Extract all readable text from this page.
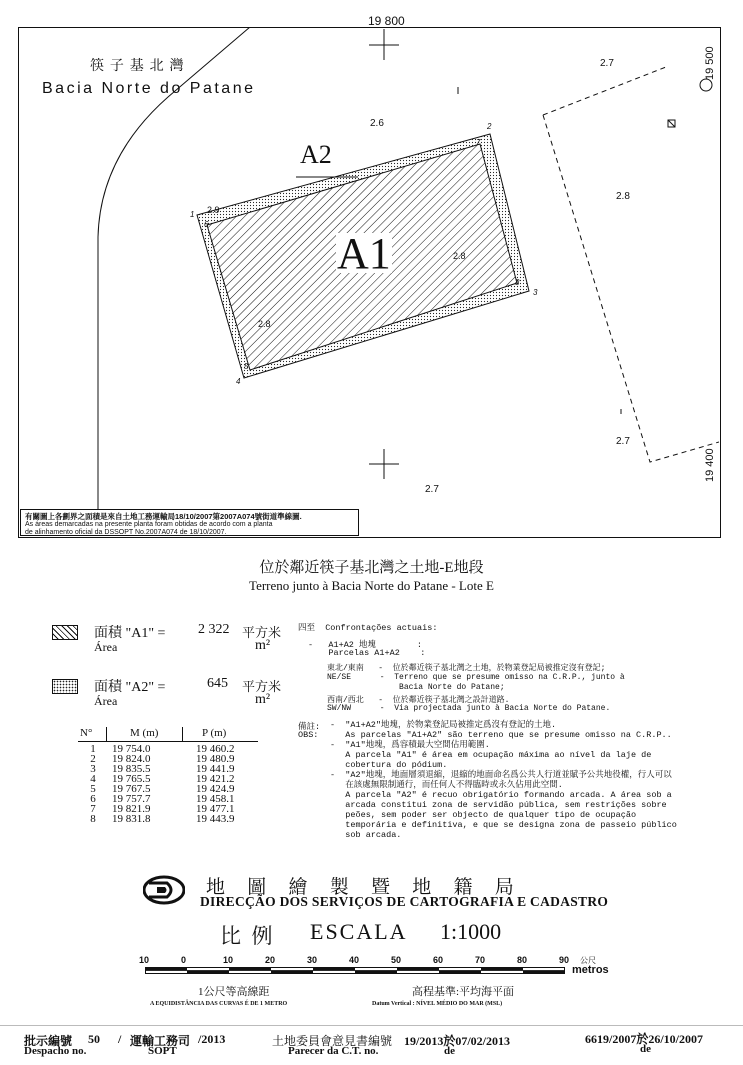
19 800
19 500
19 400
筷 子 基 北 灣
Bacia Norte do Patane
A2
A1
2.7
2.6
2.8
2.9
2.8
2.7
2.7
2.8
1
2
3
4
5
6
7
8
有關圖上各劃界之面積是來自土地工務運輸局18/10/2007第2007A074號街道準線圖.
As áreas demarcadas na presente planta foram obtidas de acordo com a planta
de alinhamento oficial da DSSOPT No.2007A074 de 18/10/2007.
位於鄰近筷子基北灣之土地-E地段
Terreno junto à Bacia Norte do Patane - Lote E
面積 "A1" = 2 322 平方米
Área	m²
面積 "A2" =	645 平方米
Área	m²
N°	M (m)	P (m)
1	19 754.0	19 460.2
2	19 824.0	19 480.9
3	19 835.5	19 441.9
4	19 765.5	19 421.2
5	19 767.5	19 424.9
6	19 757.7	19 458.1
7	19 821.9	19 477.1
8	19 831.8	19 443.9
四至  Confrontações actuais:
-   A1+A2 地塊        :
Parcelas A1+A2    :
東北/東南   -  位於鄰近筷子基北灣之土地，於物業登記局被推定沒有登記;
NE/SE      -  Terreno que se presume omisso na C.R.P., junto à
Bacia Norte do Patane;
西南/西北   -  位於鄰近筷子基北灣之設計道路.
SW/NW      -  Via projectada junto à Bacia Norte do Patane.
備註:
OBS:
-  "A1+A2"地塊，於物業登記局被推定爲沒有登記的土地.
As parcelas "A1+A2" são terreno que se presume omisso na C.R.P..
-  "A1"地塊，爲容積最大空間佔用範圍.
A parcela "A1" é área em ocupação máxima ao nível da laje de
cobertura do pódium.
-  "A2"地塊，地面層須退縮，退縮的地面命名爲公共人行道並賦予公共地役權，行人可以
在該處無限制通行，而任何人不得臨時或永久佔用此空間.
A parcela "A2" é recuo obrigatório formando arcada. A área sob a
arcada constitui zona de servidão pública, sem restrições sobre
peões, sem poder ser objecto de qualquer tipo de ocupação
temporária e definitiva, e que se designa zona de passeio público
sob arcada.
地   圖   繪   製   暨   地   籍   局
DIRECÇÃO DOS SERVIÇOS DE CARTOGRAFIA E CADASTRO
比  例 ESCALA 1:1000
10	0	10	20	30	40	50	60	70	80	90 公尺
metros
1公尺等高線距
A EQUIDISTÂNCIA DAS CURVAS É DE 1 METRO
高程基準:平均海平面
Datum Vertical : NÍVEL MÉDIO DO MAR (MSL)
批示編號 50 / 運輸工務司 /2013
Despacho no.	SOPT
土地委員會意見書編號 19/2013於07/02/2013
Parecer da C.T. no.	de
6619/2007於26/10/2007
de
